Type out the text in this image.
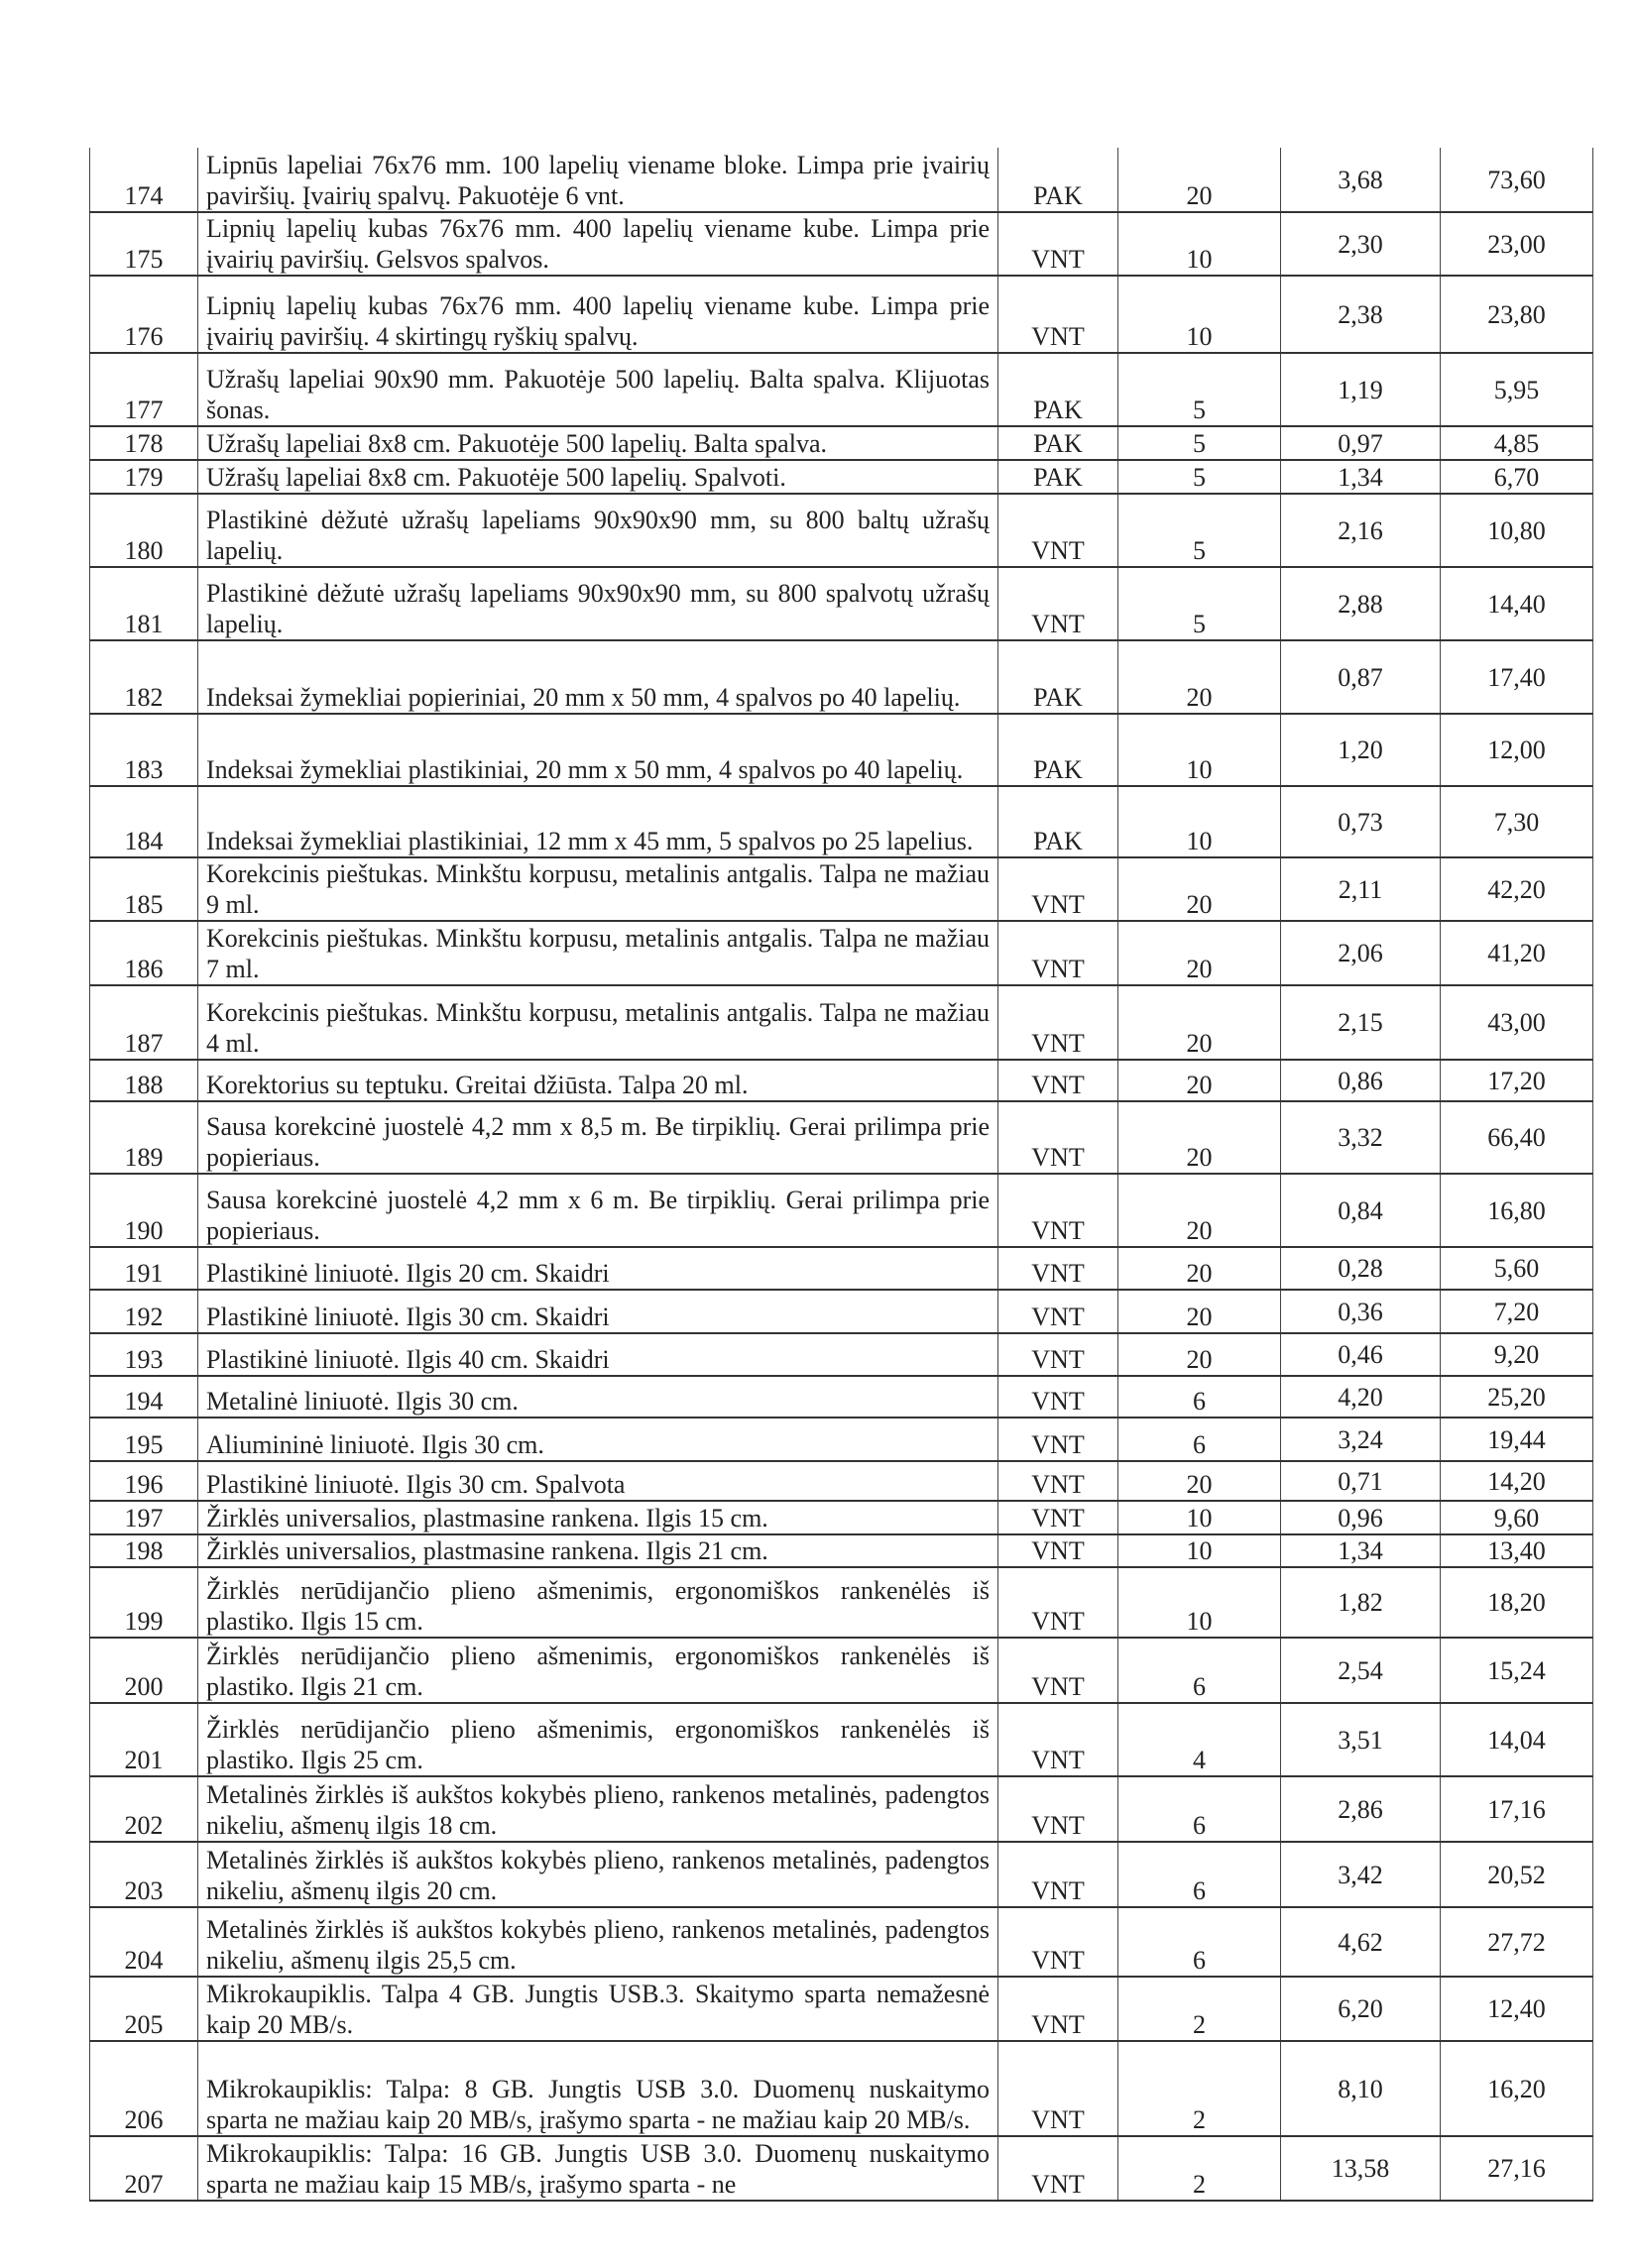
174	Lipnūs lapeliai 76x76 mm. 100 lapelių viename bloke. Limpa prie įvairių paviršių. Įvairių spalvų. Pakuotėje 6 vnt.	PAK	20	3,68	73,60
175	Lipnių lapelių kubas 76x76 mm. 400 lapelių viename kube. Limpa prie įvairių paviršių. Gelsvos spalvos.	VNT	10	2,30	23,00
176	Lipnių lapelių kubas 76x76 mm. 400 lapelių viename kube. Limpa prie įvairių paviršių. 4 skirtingų ryškių spalvų.	VNT	10	2,38	23,80
177	Užrašų lapeliai 90x90 mm. Pakuotėje 500 lapelių. Balta spalva. Klijuotas šonas.	PAK	5	1,19	5,95
178	Užrašų lapeliai 8x8 cm. Pakuotėje 500 lapelių. Balta spalva.	PAK	5	0,97	4,85
179	Užrašų lapeliai 8x8 cm. Pakuotėje 500 lapelių. Spalvoti.	PAK	5	1,34	6,70
180	Plastikinė dėžutė užrašų lapeliams 90x90x90 mm, su 800 baltų užrašų lapelių.	VNT	5	2,16	10,80
181	Plastikinė dėžutė užrašų lapeliams 90x90x90 mm, su 800 spalvotų užrašų lapelių.	VNT	5	2,88	14,40
182	Indeksai žymekliai popieriniai, 20 mm x 50 mm, 4 spalvos po 40 lapelių.	PAK	20	0,87	17,40
183	Indeksai žymekliai plastikiniai, 20 mm x 50 mm, 4 spalvos po 40 lapelių.	PAK	10	1,20	12,00
184	Indeksai žymekliai plastikiniai, 12 mm x 45 mm, 5 spalvos po 25 lapelius.	PAK	10	0,73	7,30
185	Korekcinis pieštukas. Minkštu korpusu, metalinis antgalis. Talpa ne mažiau 9 ml.	VNT	20	2,11	42,20
186	Korekcinis pieštukas. Minkštu korpusu, metalinis antgalis. Talpa ne mažiau 7 ml.	VNT	20	2,06	41,20
187	Korekcinis pieštukas. Minkštu korpusu, metalinis antgalis. Talpa ne mažiau 4 ml.	VNT	20	2,15	43,00
188	Korektorius su teptuku. Greitai džiūsta. Talpa 20 ml.	VNT	20	0,86	17,20
189	Sausa korekcinė juostelė 4,2 mm x 8,5 m. Be tirpiklių. Gerai prilimpa prie popieriaus.	VNT	20	3,32	66,40
190	Sausa korekcinė juostelė 4,2 mm x 6 m. Be tirpiklių. Gerai prilimpa prie popieriaus.	VNT	20	0,84	16,80
191	Plastikinė liniuotė. Ilgis 20 cm. Skaidri	VNT	20	0,28	5,60
192	Plastikinė liniuotė. Ilgis 30 cm. Skaidri	VNT	20	0,36	7,20
193	Plastikinė liniuotė. Ilgis 40 cm. Skaidri	VNT	20	0,46	9,20
194	Metalinė liniuotė. Ilgis 30 cm.	VNT	6	4,20	25,20
195	Aliumininė liniuotė. Ilgis 30 cm.	VNT	6	3,24	19,44
196	Plastikinė liniuotė. Ilgis 30 cm. Spalvota	VNT	20	0,71	14,20
197	Žirklės universalios, plastmasine rankena. Ilgis 15 cm.	VNT	10	0,96	9,60
198	Žirklės universalios, plastmasine rankena. Ilgis 21 cm.	VNT	10	1,34	13,40
199	Žirklės nerūdijančio plieno ašmenimis, ergonomiškos rankenėlės iš plastiko. Ilgis 15 cm.	VNT	10	1,82	18,20
200	Žirklės nerūdijančio plieno ašmenimis, ergonomiškos rankenėlės iš plastiko. Ilgis 21 cm.	VNT	6	2,54	15,24
201	Žirklės nerūdijančio plieno ašmenimis, ergonomiškos rankenėlės iš plastiko. Ilgis 25 cm.	VNT	4	3,51	14,04
202	Metalinės žirklės iš aukštos kokybės plieno, rankenos metalinės, padengtos nikeliu, ašmenų ilgis 18 cm.	VNT	6	2,86	17,16
203	Metalinės žirklės iš aukštos kokybės plieno, rankenos metalinės, padengtos nikeliu, ašmenų ilgis 20 cm.	VNT	6	3,42	20,52
204	Metalinės žirklės iš aukštos kokybės plieno, rankenos metalinės, padengtos nikeliu, ašmenų ilgis 25,5 cm.	VNT	6	4,62	27,72
205	Mikrokaupiklis. Talpa 4 GB. Jungtis USB.3. Skaitymo sparta nemažesnė kaip 20 MB/s.	VNT	2	6,20	12,40
206	Mikrokaupiklis: Talpa: 8 GB. Jungtis USB 3.0. Duomenų nuskaitymo sparta ne mažiau kaip 20 MB/s, įrašymo sparta - ne mažiau kaip 20 MB/s.	VNT	2	8,10	16,20
207	Mikrokaupiklis: Talpa: 16 GB. Jungtis USB 3.0. Duomenų nuskaitymo sparta ne mažiau kaip 15 MB/s, įrašymo sparta - ne	VNT	2	13,58	27,16
